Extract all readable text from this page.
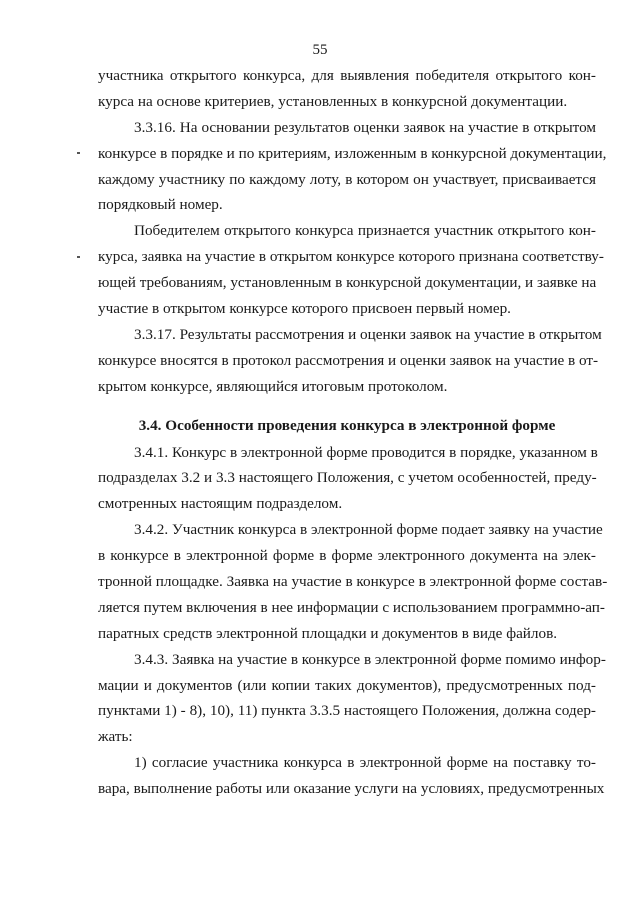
55
участника открытого конкурса, для выявления победителя открытого кон-
курса на основе критериев, установленных в конкурсной документации.
3.3.16. На основании результатов оценки заявок на участие в открытом
конкурсе в порядке и по критериям, изложенным в конкурсной документации,
каждому участнику по каждому лоту, в котором он участвует, присваивается
порядковый номер.
Победителем открытого конкурса признается участник открытого кон-
курса, заявка на участие в открытом конкурсе которого признана соответству-
ющей требованиям, установленным в конкурсной документации, и заявке на
участие в открытом конкурсе которого присвоен первый номер.
3.3.17. Результаты рассмотрения и оценки заявок на участие в открытом
конкурсе вносятся в протокол рассмотрения и оценки заявок на участие в от-
крытом конкурсе, являющийся итоговым протоколом.
3.4. Особенности проведения конкурса в электронной форме
3.4.1. Конкурс в электронной форме проводится в порядке, указанном в
подразделах 3.2 и 3.3 настоящего Положения, с учетом особенностей, преду-
смотренных настоящим подразделом.
3.4.2. Участник конкурса в электронной форме подает заявку на участие
в конкурсе в электронной форме в форме электронного документа на элек-
тронной площадке. Заявка на участие в конкурсе в электронной форме состав-
ляется путем включения в нее информации с использованием программно-ап-
паратных средств электронной площадки и документов в виде файлов.
3.4.3. Заявка на участие в конкурсе в электронной форме помимо инфор-
мации и документов (или копии таких документов), предусмотренных под-
пунктами 1) - 8), 10), 11) пункта 3.3.5 настоящего Положения, должна содер-
жать:
1) согласие участника конкурса в электронной форме на поставку то-
вара, выполнение работы или оказание услуги на условиях, предусмотренных
